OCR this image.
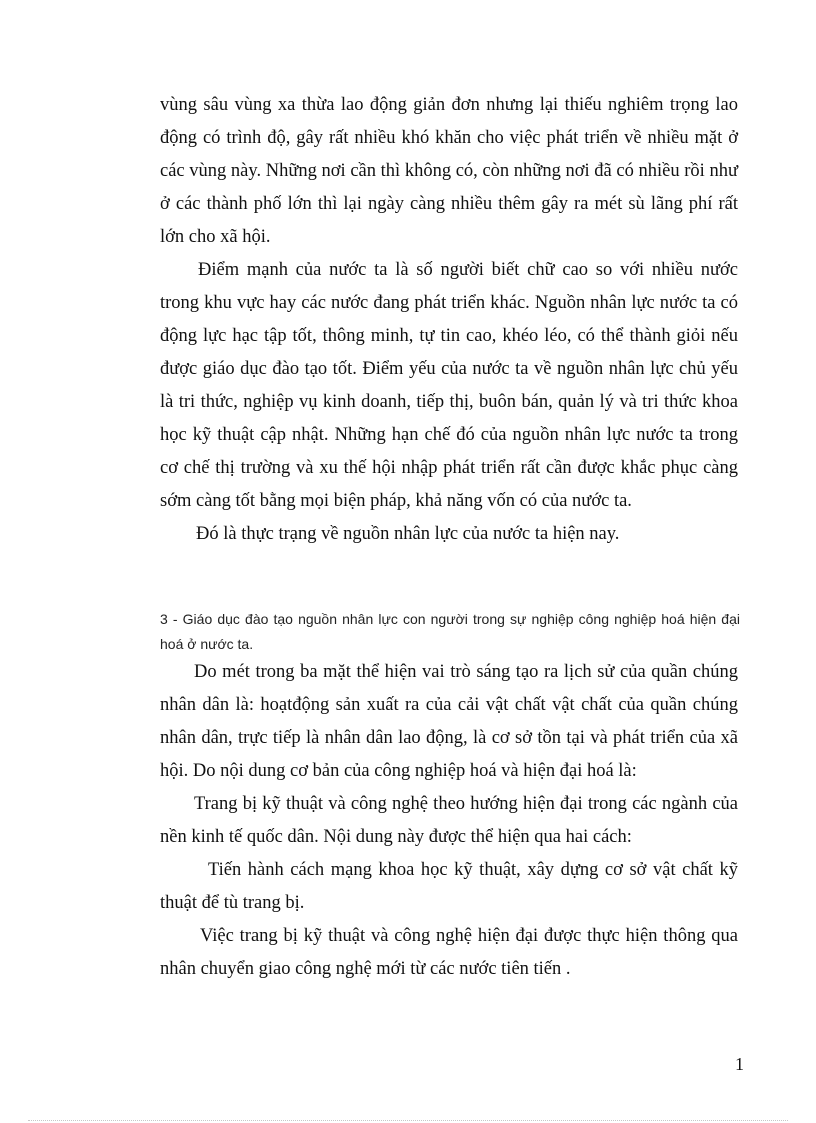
vùng sâu vùng xa thừa lao động giản đơn nhưng lại thiếu nghiêm trọng lao động có trình độ, gây rất nhiều khó khăn cho việc phát triển về nhiều mặt ở các vùng này. Những nơi cần thì không có, còn những nơi đã có nhiều rồi như ở các thành phố lớn thì lại ngày càng nhiều thêm gây ra mét sù lãng phí rất lớn cho xã hội.

Điểm mạnh của nước ta là số người biết chữ cao so với nhiều nước trong khu vực hay các nước đang phát triển khác. Nguồn nhân lực nước ta có động lực hạc tập tốt, thông minh, tự tin cao, khéo léo, có thể thành giỏi nếu được giáo dục đào tạo tốt. Điểm yếu của nước ta về nguồn nhân lực chủ yếu là tri thức, nghiệp vụ kinh doanh, tiếp thị, buôn bán, quản lý và tri thức khoa học kỹ thuật cập nhật. Những hạn chế đó của nguồn nhân lực nước ta trong cơ chế thị trường và xu thế hội nhập phát triển rất cần được khắc phục càng sớm càng tốt bằng mọi biện pháp, khả năng vốn có của nước ta.

Đó là thực trạng về nguồn nhân lực của nước ta hiện nay.

3 - Giáo dục đào tạo nguồn nhân lực con người trong sự nghiệp công nghiệp hoá hiện đại hoá ở nước ta.

Do mét trong ba mặt thể hiện vai trò sáng tạo ra lịch sử của quần chúng nhân dân là: hoạtđộng sản xuất ra của cải vật chất vật chất của quần chúng nhân dân, trực tiếp là nhân dân lao động, là cơ sở tồn tại và phát triển của xã hội. Do nội dung cơ bản của công nghiệp hoá và hiện đại hoá là:

Trang bị kỹ thuật và công nghệ theo hướng hiện đại trong các ngành của nền kinh tế quốc dân. Nội dung này được thể hiện qua hai cách:

Tiến hành cách mạng khoa học kỹ thuật, xây dựng cơ sở vật chất kỹ thuật để tù trang bị.

Việc trang bị kỹ thuật và công nghệ hiện đại được thực hiện thông qua nhân chuyển giao công nghệ mới từ các nước tiên tiến .

1
